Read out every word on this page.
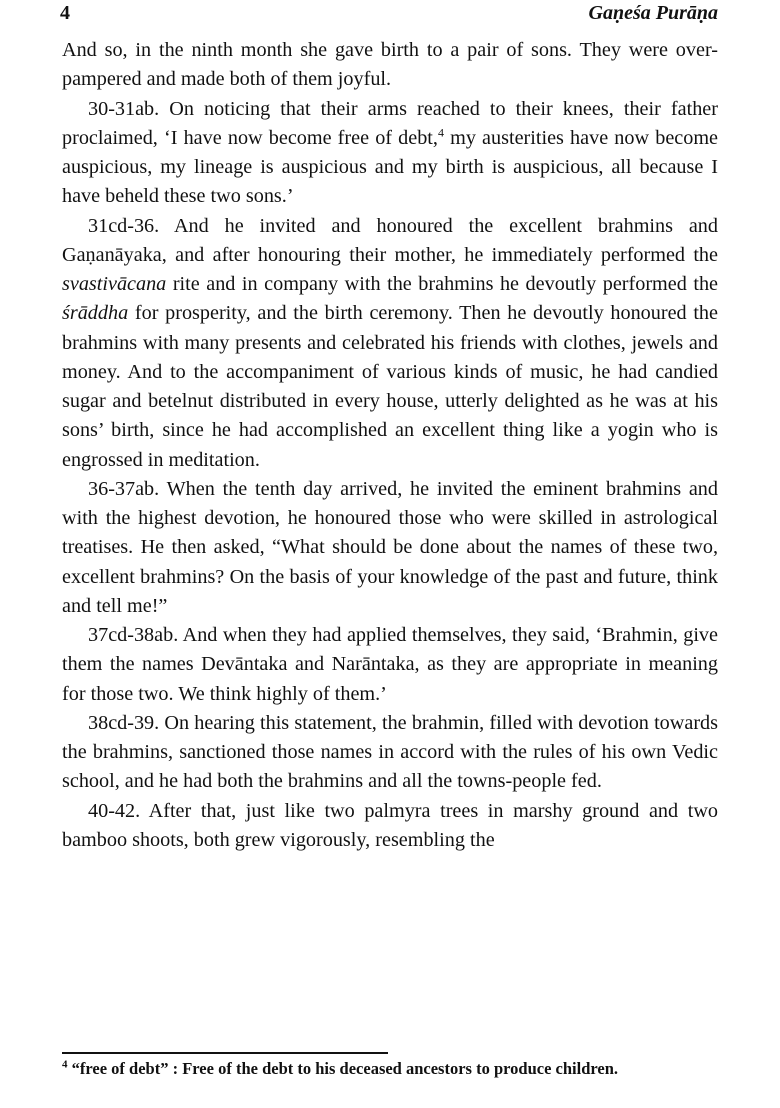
4	Gaṇeśa Purāṇa

And so, in the ninth month she gave birth to a pair of sons. They were over-pampered and made both of them joyful.

30-31ab. On noticing that their arms reached to their knees, their father proclaimed, ‘I have now become free of debt,$^4$ my austerities have now become auspicious, my lineage is auspicious and my birth is auspicious, all because I have beheld these two sons.’

31cd-36. And he invited and honoured the excellent brahmins and Gaṇanāyaka, and after honouring their mother, he immediately performed the svastivācana rite and in company with the brahmins he devoutly performed the śrāddha for prosperity, and the birth ceremony. Then he devoutly honoured the brahmins with many presents and celebrated his friends with clothes, jewels and money. And to the accompaniment of various kinds of music, he had candied sugar and betelnut distributed in every house, utterly delighted as he was at his sons’ birth, since he had accomplished an excellent thing like a yogin who is engrossed in meditation.

36-37ab. When the tenth day arrived, he invited the eminent brahmins and with the highest devotion, he honoured those who were skilled in astrological treatises. He then asked, “What should be done about the names of these two, excellent brahmins? On the basis of your knowledge of the past and future, think and tell me!”

37cd-38ab. And when they had applied themselves, they said, ‘Brahmin, give them the names Devāntaka and Narāntaka, as they are appropriate in meaning for those two. We think highly of them.’

38cd-39. On hearing this statement, the brahmin, filled with devotion towards the brahmins, sanctioned those names in accord with the rules of his own Vedic school, and he had both the brahmins and all the towns-people fed.

40-42. After that, just like two palmyra trees in marshy ground and two bamboo shoots, both grew vigorously, resembling the

$^4$ “free of debt” : Free of the debt to his deceased ancestors to produce children.
